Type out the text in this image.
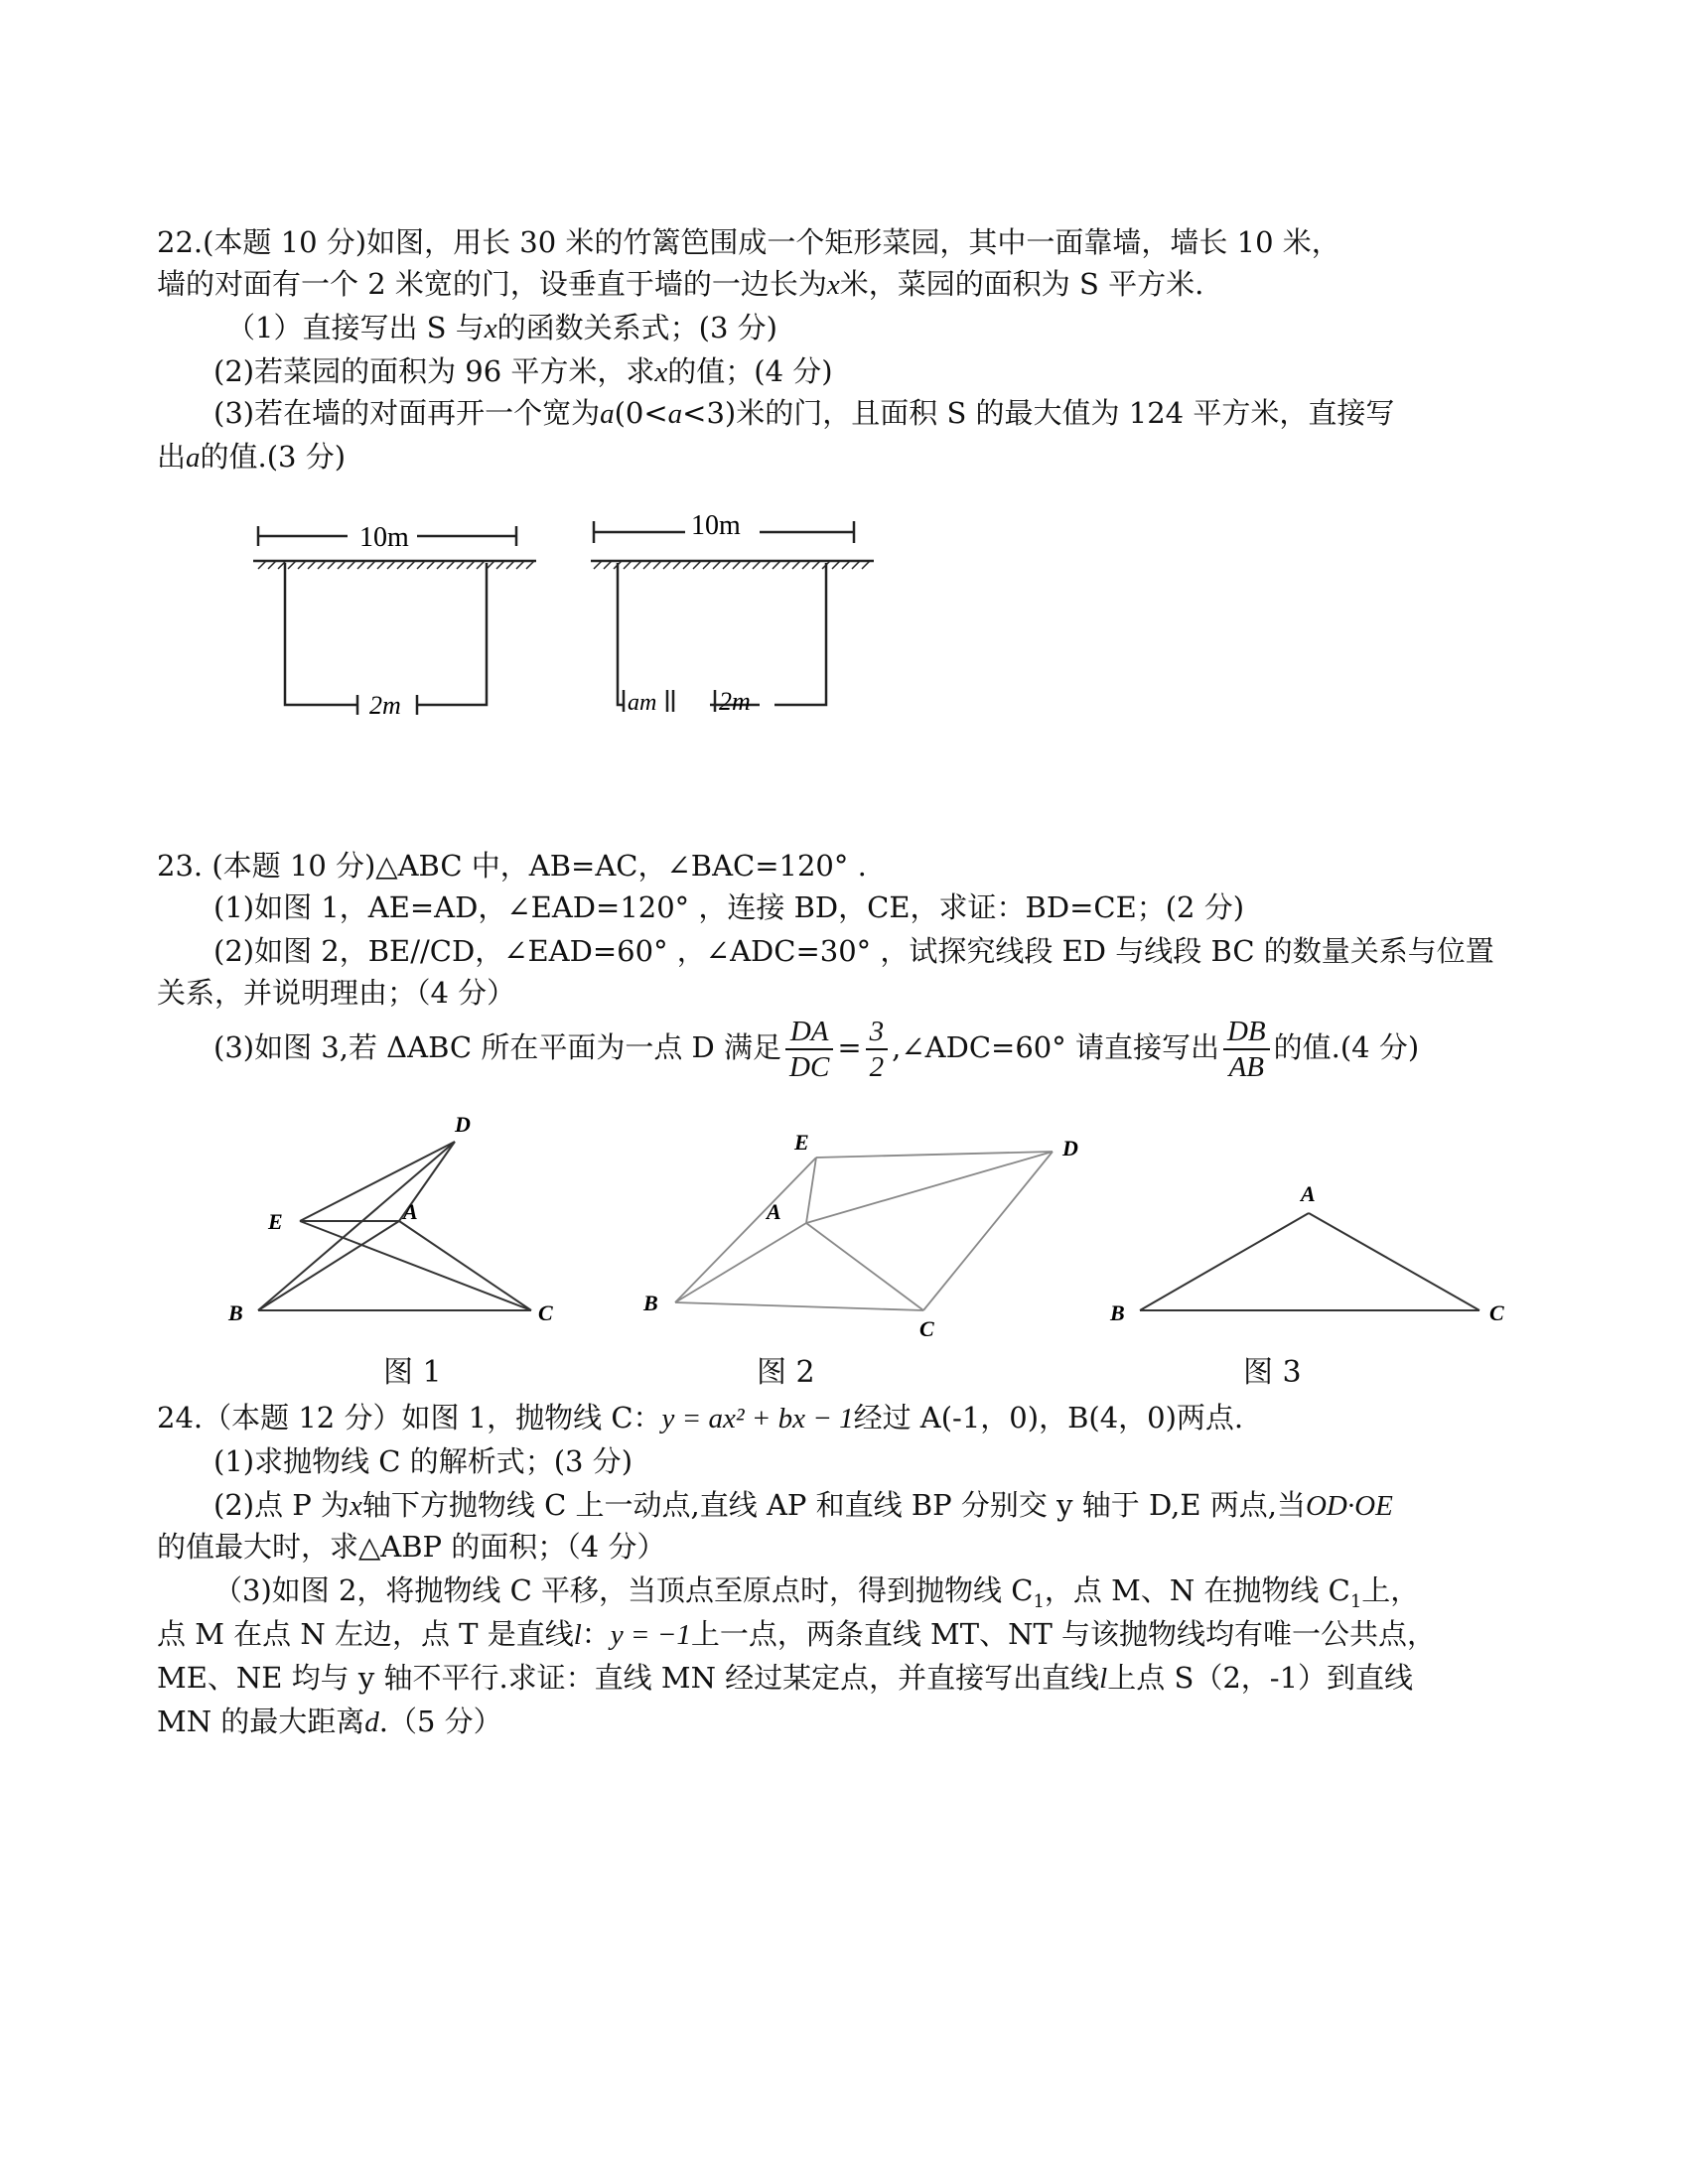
22.(本题 10 分)如图，用长 30 米的竹篱笆围成一个矩形菜园，其中一面靠墙，墙长 10 米，
墙的对面有一个 2 米宽的门，设垂直于墙的一边长为x米，菜园的面积为 S 平方米.
（1）直接写出 S 与x的函数关系式；(3 分)
(2)若菜园的面积为 96 平方米，求x的值；(4 分)
(3)若在墙的对面再开一个宽为a(0<a<3)米的门，且面积 S 的最大值为 124 平方米，直接写
出a的值.(3 分)
10m
2m
10m
am 2m
23. (本题 10 分)△ABC 中，AB=AC，∠BAC=120° .
(1)如图 1，AE=AD，∠EAD=120° ，连接 BD，CE，求证：BD=CE；(2 分)
(2)如图 2，BE//CD，∠EAD=60° ，∠ADC=30° ，试探究线段 ED 与线段 BC 的数量关系与位置
关系，并说明理由；（4 分）
(3)如图 3,若 ΔABC 所在平面为一点 D 满足 $\frac{DA}{DC} = \frac{3}{2}$ ,∠ADC=60° 请直接写出 $\frac{DB}{AB}$ 的值.(4 分)
D
E	A
B	C
图 1
E	D
A
B
C
图 2
A
B	C
图 3
24.（本题 12 分）如图 1，抛物线 C：y = ax² + bx − 1经过 A(-1，0)，B(4，0)两点.
(1)求抛物线 C 的解析式；(3 分)
(2)点 P 为x轴下方抛物线 C 上一动点,直线 AP 和直线 BP 分别交 y 轴于 D,E 两点,当OD·OE
的值最大时，求△ABP 的面积；（4 分）
（3)如图 2，将抛物线 C 平移，当顶点至原点时，得到抛物线 $C_1$，点 M、N 在抛物线 $C_1$上，
点 M 在点 N 左边，点 T 是直线l：y = −1上一点，两条直线 MT、NT 与该抛物线均有唯一公共点，
ME、NE 均与 y 轴不平行.求证：直线 MN 经过某定点，并直接写出直线l上点 S（2，-1）到直线
MN 的最大距离d.（5 分）
